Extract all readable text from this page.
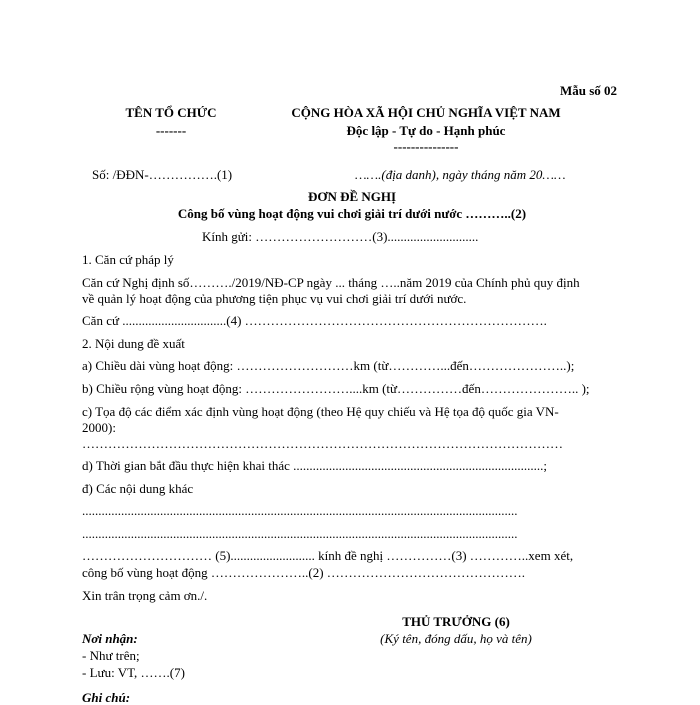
Mẫu số 02
TÊN TỔ CHỨC
-------
CỘNG HÒA XÃ HỘI CHỦ NGHĨA VIỆT NAM
Độc lập - Tự do - Hạnh phúc
---------------
Số: /ĐĐN-…………….(1)	…….(địa danh), ngày tháng năm 20……
ĐƠN ĐỀ NGHỊ
Công bố vùng hoạt động vui chơi giải trí dưới nước ………..(2)
Kính gửi: ………………………(3)............................
1. Căn cứ pháp lý
Căn cứ Nghị định số………./2019/NĐ-CP ngày ... tháng …..năm 2019 của Chính phủ quy định
về quản lý hoạt động của phương tiện phục vụ vui chơi giải trí dưới nước.
Căn cứ ................................(4) …………………………………………………………….
2. Nội dung đề xuất
a) Chiều dài vùng hoạt động: ………………………km (từ…………...đến…………………..);
b) Chiều rộng vùng hoạt động: ……………………....km (từ……………đến………………….. );
c) Tọa độ các điểm xác định vùng hoạt động (theo Hệ quy chiếu và Hệ tọa độ quốc gia VN-
2000):
…………………………………………………………………………………………………
d) Thời gian bắt đầu thực hiện khai thác .............................................................................;
đ) Các nội dung khác
......................................................................................................................................
......................................................................................................................................
………………………… (5).......................... kính đề nghị ……………(3) …………..xem xét,
công bố vùng hoạt động …………………..(2) ……………………………………….
Xin trân trọng cảm ơn./.
THỦ TRƯỞNG (6)
(Ký tên, đóng dấu, họ và tên)
Nơi nhận:
- Như trên;
- Lưu: VT, …….(7)
Ghi chú:
